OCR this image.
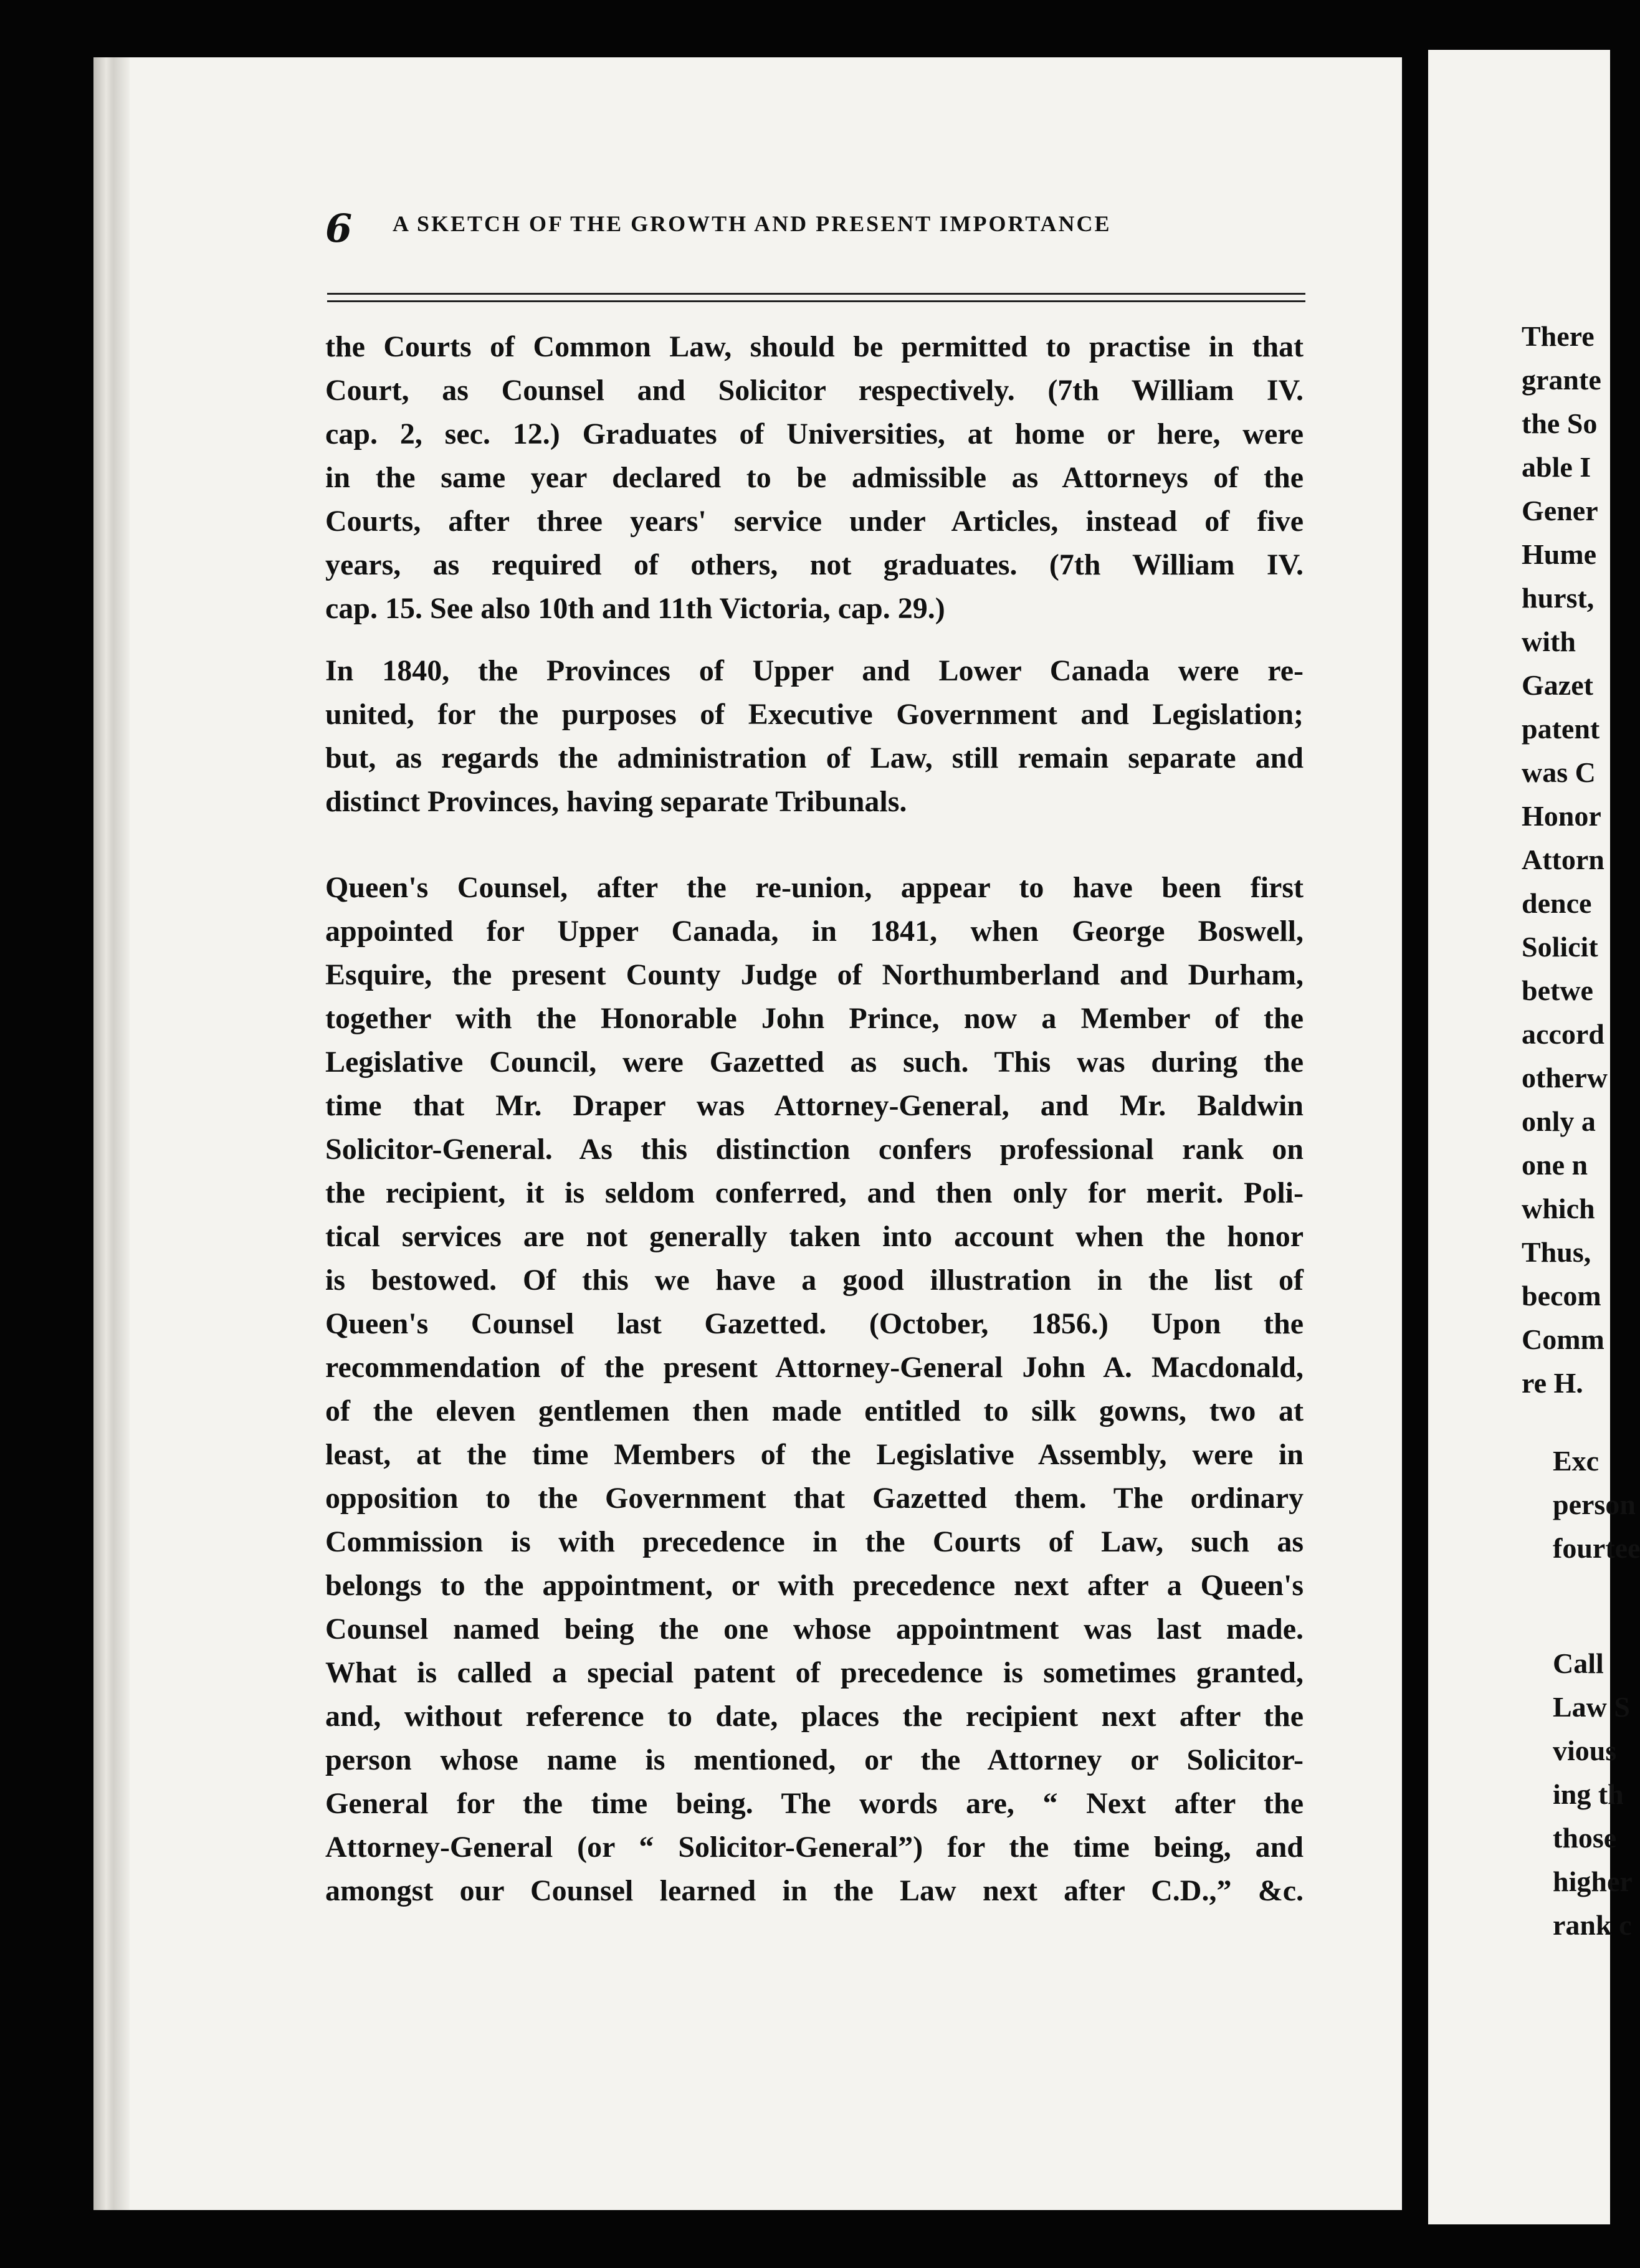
6 A SKETCH OF THE GROWTH AND PRESENT IMPORTANCE
the Courts of Common Law, should be permitted to practise in that
Court, as Counsel and Solicitor respectively. (7th William IV.
cap. 2, sec. 12.) Graduates of Universities, at home or here, were
in the same year declared to be admissible as Attorneys of the
Courts, after three years' service under Articles, instead of five
years, as required of others, not graduates. (7th William IV.
cap. 15. See also 10th and 11th Victoria, cap. 29.)
In 1840, the Provinces of Upper and Lower Canada were re-
united, for the purposes of Executive Government and Legislation;
but, as regards the administration of Law, still remain separate and
distinct Provinces, having separate Tribunals.
Queen's Counsel, after the re-union, appear to have been first
appointed for Upper Canada, in 1841, when George Boswell,
Esquire, the present County Judge of Northumberland and Durham,
together with the Honorable John Prince, now a Member of the
Legislative Council, were Gazetted as such. This was during the
time that Mr. Draper was Attorney-General, and Mr. Baldwin
Solicitor-General. As this distinction confers professional rank on
the recipient, it is seldom conferred, and then only for merit. Poli-
tical services are not generally taken into account when the honor
is bestowed. Of this we have a good illustration in the list of
Queen's Counsel last Gazetted. (October, 1856.) Upon the
recommendation of the present Attorney-General John A. Macdonald,
of the eleven gentlemen then made entitled to silk gowns, two at
least, at the time Members of the Legislative Assembly, were in
opposition to the Government that Gazetted them. The ordinary
Commission is with precedence in the Courts of Law, such as
belongs to the appointment, or with precedence next after a Queen's
Counsel named being the one whose appointment was last made.
What is called a special patent of precedence is sometimes granted,
and, without reference to date, places the recipient next after the
person whose name is mentioned, or the Attorney or Solicitor-
General for the time being. The words are, “ Next after the
Attorney-General (or “ Solicitor-General”) for the time being, and
amongst our Counsel learned in the Law next after C.D.,” &c.
There
grante
the So
able I
Gener
Hume
hurst,
with
Gazet
patent
was C
Honor
Attorn
dence
Solicit
betwe
accord
otherw
only a
one n
which
Thus,
becom
Comm
re H.
Exc
person
fourtee
Call
Law S
vious
ing th
those
higher
rank c
